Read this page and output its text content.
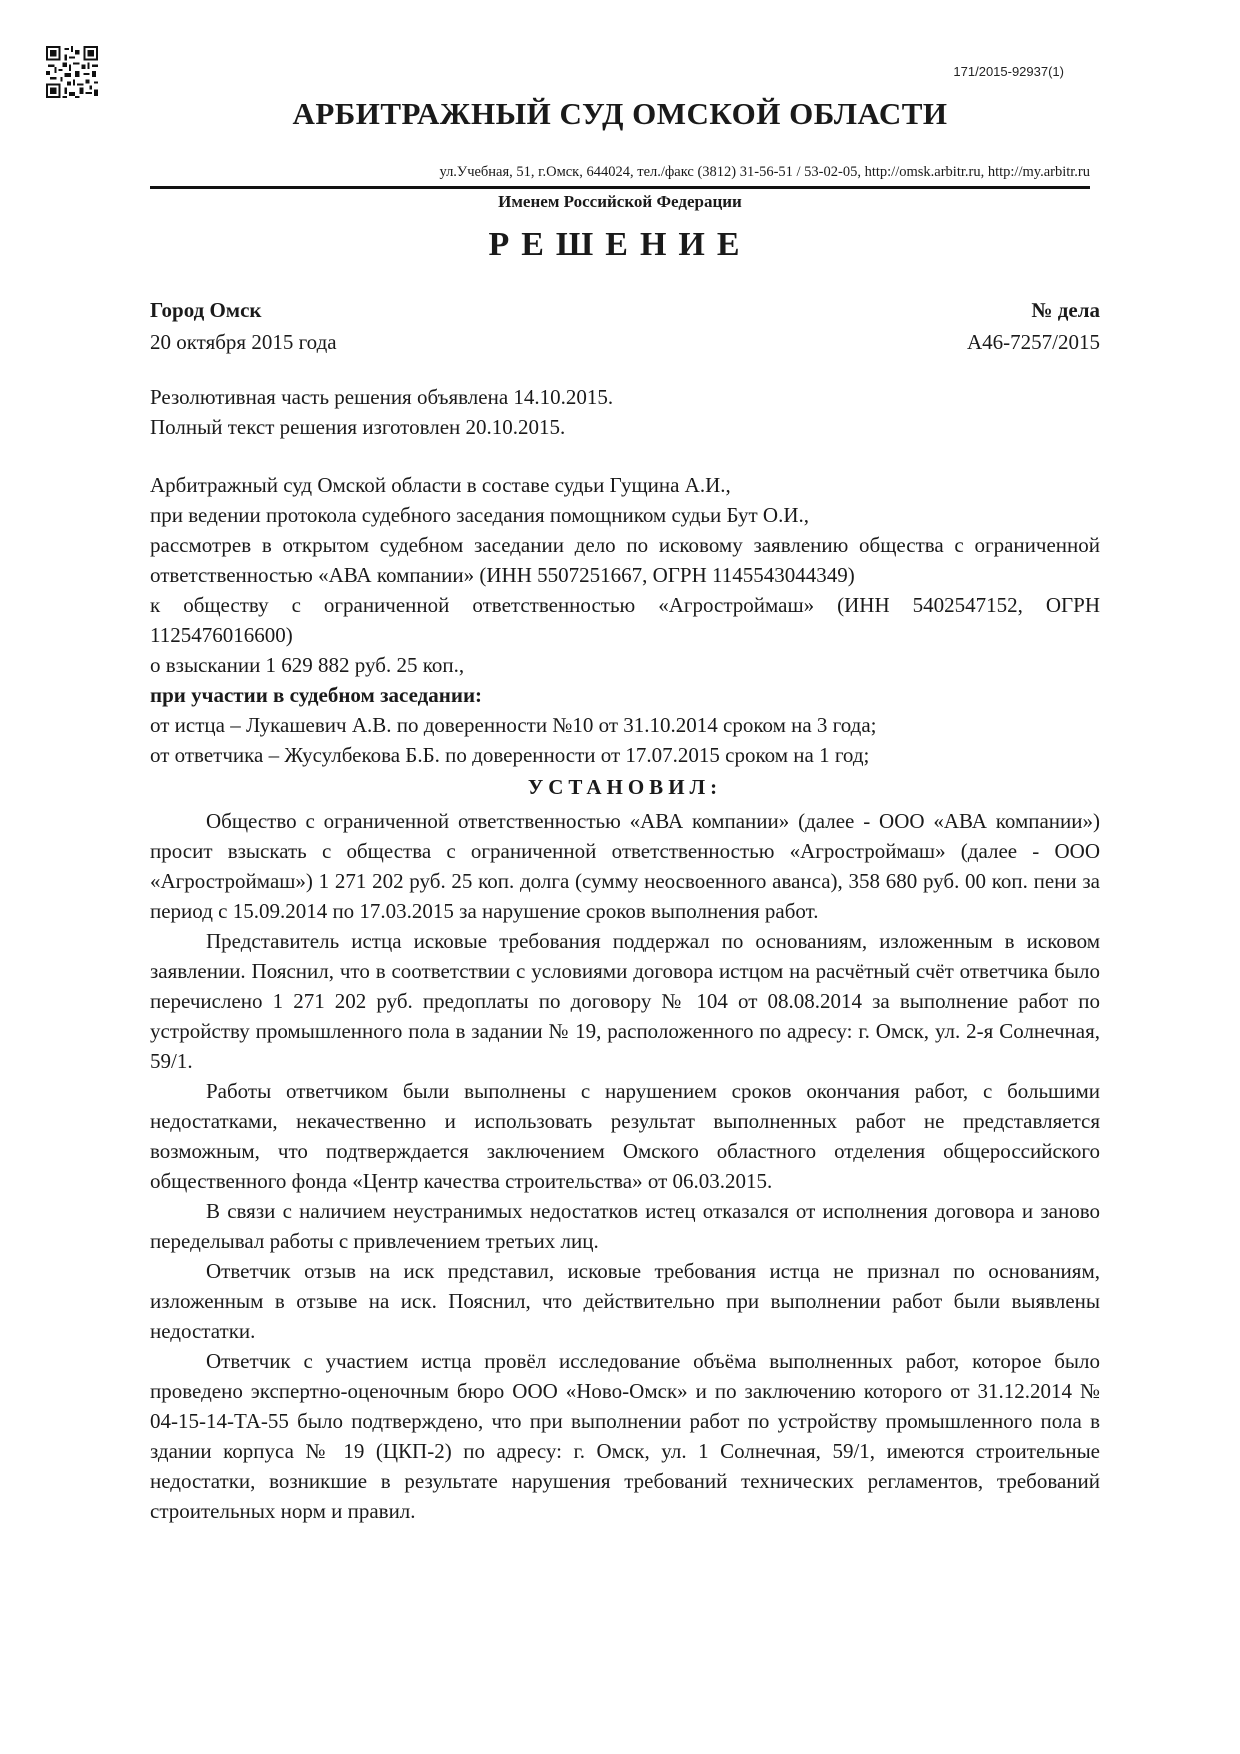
171/2015-92937(1)
АРБИТРАЖНЫЙ СУД ОМСКОЙ ОБЛАСТИ
ул.Учебная, 51, г.Омск, 644024, тел./факс (3812) 31-56-51 / 53-02-05, http://omsk.arbitr.ru, http://my.arbitr.ru
Именем Российской Федерации
РЕШЕНИЕ
Город Омск
20 октября 2015 года
№ дела
А46-7257/2015

Резолютивная часть решения объявлена 14.10.2015.

Полный текст решения изготовлен 20.10.2015.

Арбитражный суд Омской области в составе судьи Гущина А.И.,

при ведении протокола судебного заседания помощником судьи Бут О.И.,

рассмотрев в открытом судебном заседании дело по исковому заявлению общества с ограниченной ответственностью «АВА компании» (ИНН 5507251667, ОГРН 1145543044349)

к обществу с ограниченной ответственностью «Агростроймаш» (ИНН 5402547152, ОГРН 1125476016600)

о взыскании 1 629 882 руб. 25 коп.,

при участии в судебном заседании:

от истца – Лукашевич А.В. по доверенности №10 от 31.10.2014 сроком на 3 года;

от ответчика – Жусулбекова Б.Б. по доверенности от 17.07.2015 сроком на 1 год;

УСТАНОВИЛ:

Общество с ограниченной ответственностью «АВА компании» (далее - ООО «АВА компании») просит взыскать с общества с ограниченной ответственностью «Агростроймаш» (далее - ООО «Агростроймаш») 1 271 202 руб. 25 коп. долга (сумму неосвоенного аванса), 358 680 руб. 00 коп. пени за период с 15.09.2014 по 17.03.2015 за нарушение сроков выполнения работ.

Представитель истца исковые требования поддержал по основаниям, изложенным в исковом заявлении. Пояснил, что в соответствии с условиями договора истцом на расчётный счёт ответчика было перечислено 1 271 202 руб. предоплаты по договору № 104 от 08.08.2014 за выполнение работ по устройству промышленного пола в задании № 19, расположенного по адресу: г. Омск, ул. 2-я Солнечная, 59/1.

Работы ответчиком были выполнены с нарушением сроков окончания работ, с большими недостатками, некачественно и использовать результат выполненных работ не представляется возможным, что подтверждается заключением Омского областного отделения общероссийского общественного фонда «Центр качества строительства» от 06.03.2015.

В связи с наличием неустранимых недостатков истец отказался от исполнения договора и заново переделывал работы с привлечением третьих лиц.

Ответчик отзыв на иск представил, исковые требования истца не признал по основаниям, изложенным в отзыве на иск. Пояснил, что действительно при выполнении работ были выявлены недостатки.

Ответчик с участием истца провёл исследование объёма выполненных работ, которое было проведено экспертно-оценочным бюро ООО «Ново-Омск» и по заключению которого от 31.12.2014 № 04-15-14-ТА-55 было подтверждено, что при выполнении работ по устройству промышленного пола в здании корпуса № 19 (ЦКП-2) по адресу: г. Омск, ул. 1 Солнечная, 59/1, имеются строительные недостатки, возникшие в результате нарушения требований технических регламентов, требований строительных норм и правил.
